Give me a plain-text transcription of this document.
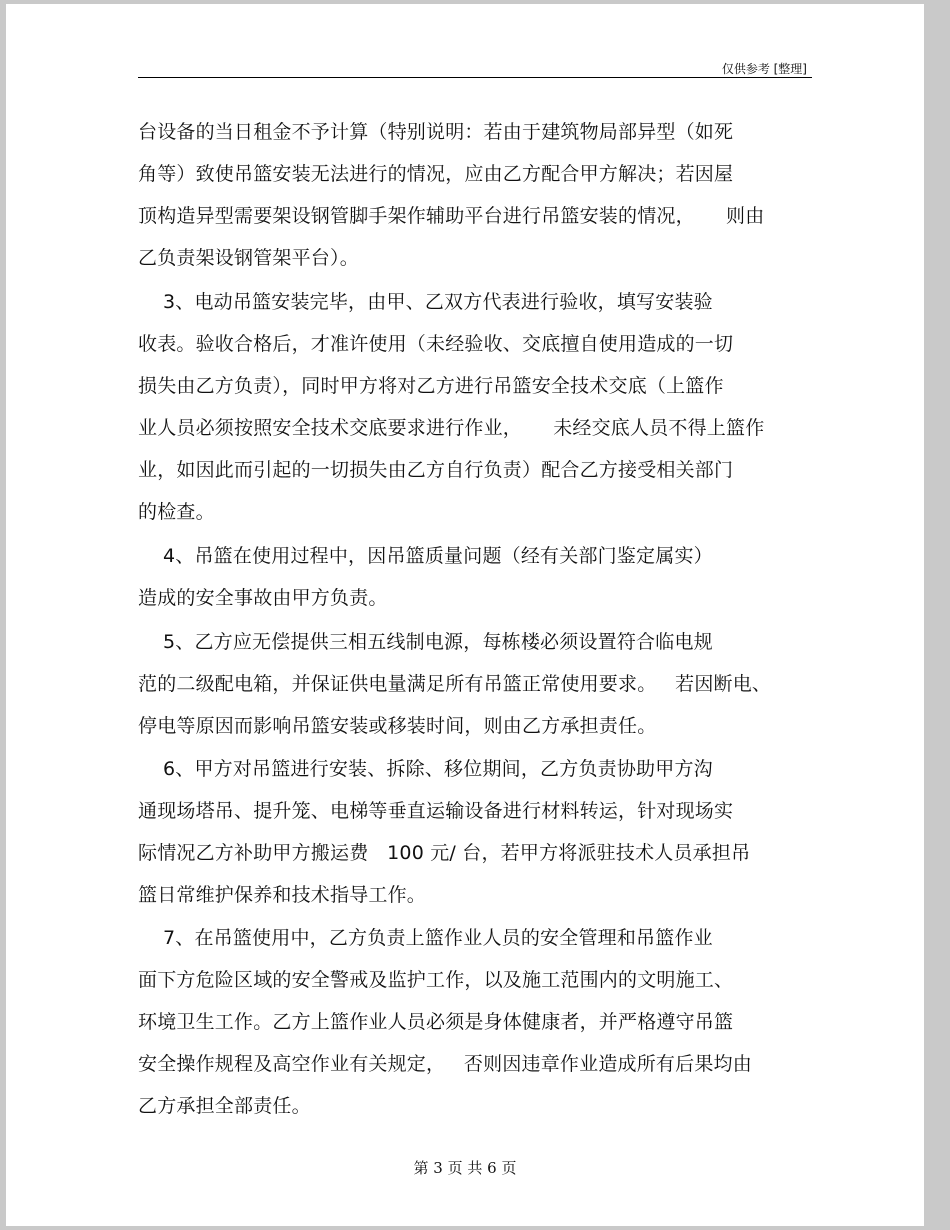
仅供参考 [整理]
台设备的当日租金不予计算（特别说明：若由于建筑物局部异型（如死
角等）致使吊篮安装无法进行的情况，应由乙方配合甲方解决；若因屋
顶构造异型需要架设钢管脚手架作辅助平台进行吊篮安装的情况，     则由
乙负责架设钢管架平台）。
3、电动吊篮安装完毕，由甲、乙双方代表进行验收，填写安装验
收表。验收合格后，才准许使用（未经验收、交底擅自使用造成的一切
损失由乙方负责），同时甲方将对乙方进行吊篮安全技术交底（上篮作
业人员必须按照安全技术交底要求进行作业，     未经交底人员不得上篮作
业，如因此而引起的一切损失由乙方自行负责）配合乙方接受相关部门
的检查。
4、吊篮在使用过程中，因吊篮质量问题（经有关部门鉴定属实）
造成的安全事故由甲方负责。
5、乙方应无偿提供三相五线制电源，每栋楼必须设置符合临电规
范的二级配电箱，并保证供电量满足所有吊篮正常使用要求。   若因断电、
停电等原因而影响吊篮安装或移装时间，则由乙方承担责任。
6、甲方对吊篮进行安装、拆除、移位期间，乙方负责协助甲方沟
通现场塔吊、提升笼、电梯等垂直运输设备进行材料转运，针对现场实
际情况乙方补助甲方搬运费   100 元/ 台，若甲方将派驻技术人员承担吊
篮日常维护保养和技术指导工作。
7、在吊篮使用中，乙方负责上篮作业人员的安全管理和吊篮作业
面下方危险区域的安全警戒及监护工作，以及施工范围内的文明施工、
环境卫生工作。乙方上篮作业人员必须是身体健康者，并严格遵守吊篮
安全操作规程及高空作业有关规定，   否则因违章作业造成所有后果均由
乙方承担全部责任。
第 3 页 共 6 页
